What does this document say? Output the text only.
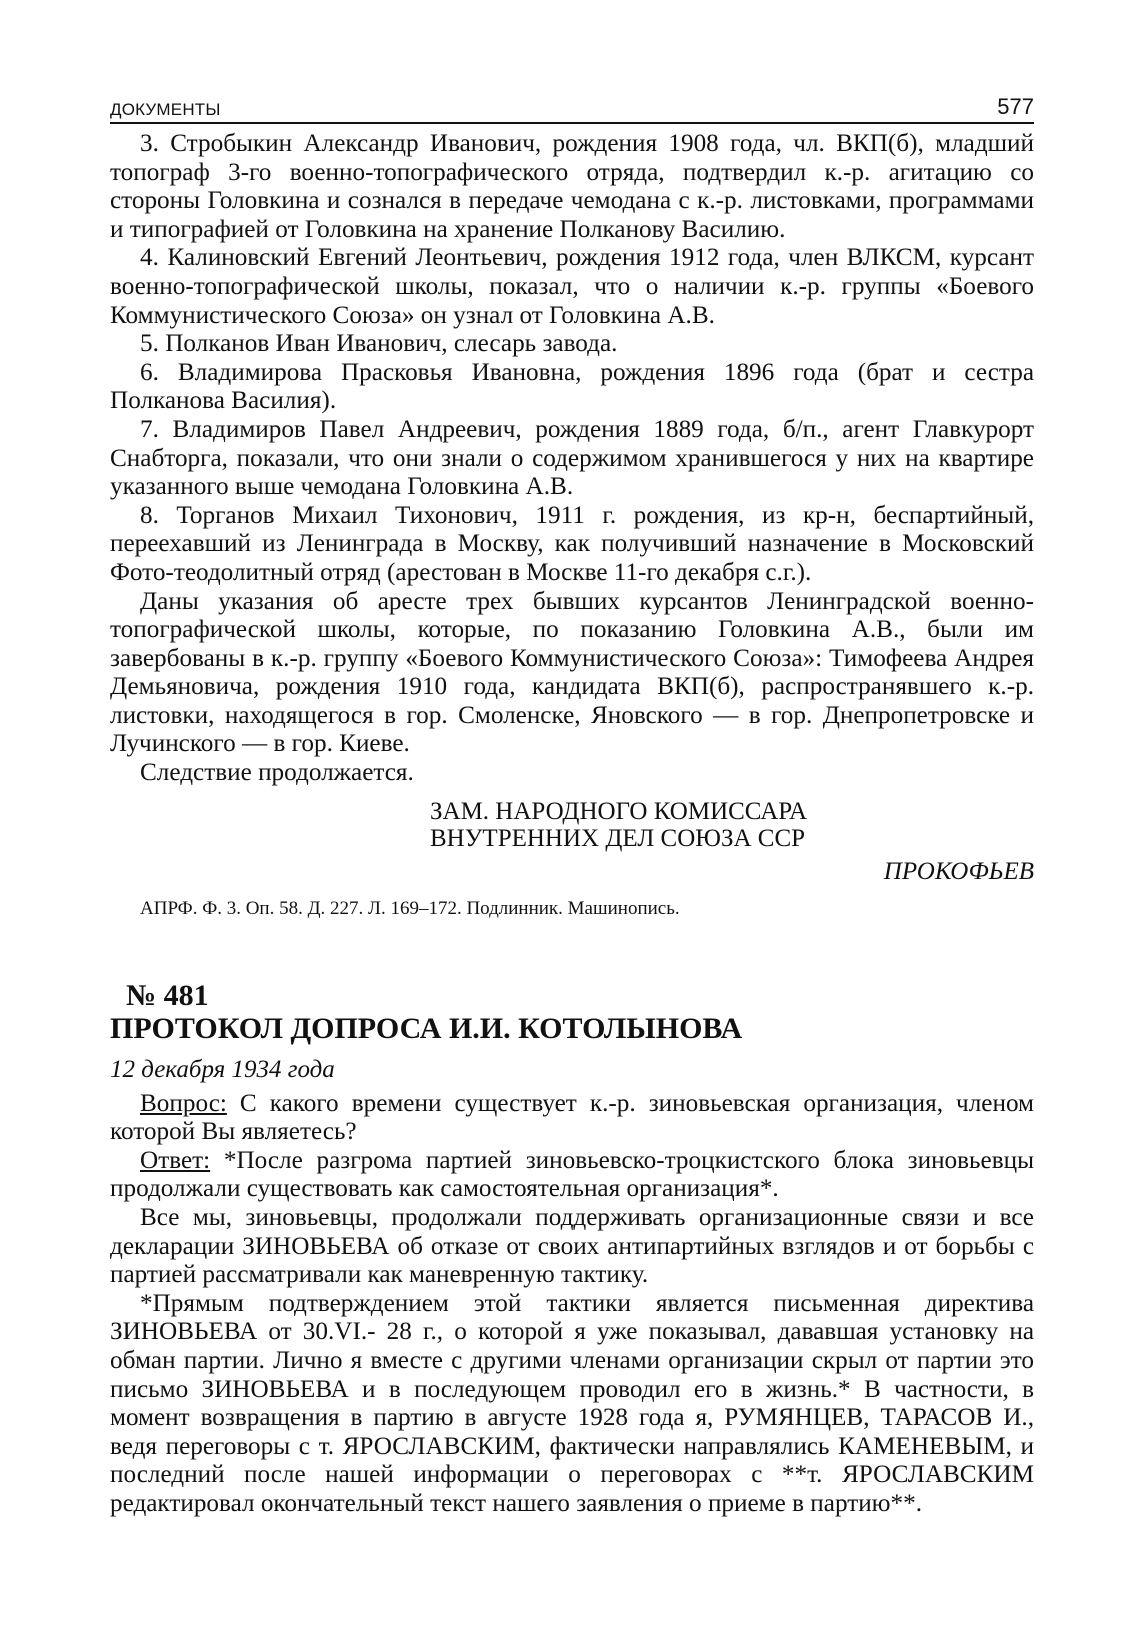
ДОКУМЕНТЫ	577

3. Стробыкин Александр Иванович, рождения 1908 года, чл. ВКП(б), младший топограф 3-го военно-топографического отряда, подтвердил к.-р. агитацию со стороны Головкина и сознался в передаче чемодана с к.-р. листовками, программами и типографией от Головкина на хранение Полканову Василию.

4. Калиновский Евгений Леонтьевич, рождения 1912 года, член ВЛКСМ, курсант военно-топографической школы, показал, что о наличии к.-р. группы «Боевого Коммунистического Союза» он узнал от Головкина А.В.

5. Полканов Иван Иванович, слесарь завода.

6. Владимирова Прасковья Ивановна, рождения 1896 года (брат и сестра Полканова Василия).

7. Владимиров Павел Андреевич, рождения 1889 года, б/п., агент Главкурорт Снабторга, показали, что они знали о содержимом хранившегося у них на квартире указанного выше чемодана Головкина А.В.

8. Торганов Михаил Тихонович, 1911 г. рождения, из кр-н, беспартийный, переехавший из Ленинграда в Москву, как получивший назначение в Московский Фото-теодолитный отряд (арестован в Москве 11-го декабря с.г.).

Даны указания об аресте трех бывших курсантов Ленинградской военно-топографической школы, которые, по показанию Головкина А.В., были им завербованы в к.-р. группу «Боевого Коммунистического Союза»: Тимофеева Андрея Демьяновича, рождения 1910 года, кандидата ВКП(б), распространявшего к.-р. листовки, находящегося в гор. Смоленске, Яновского — в гор. Днепропетровске и Лучинского — в гор. Киеве.

Следствие продолжается.

ЗАМ. НАРОДНОГО КОМИССАРА
ВНУТРЕННИХ ДЕЛ СОЮЗА ССР
ПРОКОФЬЕВ
АПРФ. Ф. 3. Оп. 58. Д. 227. Л. 169–172. Подлинник. Машинопись.
№ 481
ПРОТОКОЛ ДОПРОСА И.И. КОТОЛЫНОВА
12 декабря 1934 года

Вопрос: С какого времени существует к.-р. зиновьевская организация, членом которой Вы являетесь?

Ответ: *После разгрома партией зиновьевско-троцкистского блока зиновьевцы продолжали существовать как самостоятельная организация*.

Все мы, зиновьевцы, продолжали поддерживать организационные связи и все декларации ЗИНОВЬЕВА об отказе от своих антипартийных взглядов и от борьбы с партией рассматривали как маневренную тактику.

*Прямым подтверждением этой тактики является письменная директива ЗИНОВЬЕВА от 30.VI.- 28 г., о которой я уже показывал, дававшая установку на обман партии. Лично я вместе с другими членами организации скрыл от партии это письмо ЗИНОВЬЕВА и в последующем проводил его в жизнь.* В частности, в момент возвращения в партию в августе 1928 года я, РУМЯНЦЕВ, ТАРАСОВ И., ведя переговоры с т. ЯРОСЛАВСКИМ, фактически направлялись КАМЕНЕВЫМ, и последний после нашей информации о переговорах с **т. ЯРОСЛАВСКИМ редактировал окончательный текст нашего заявления о приеме в партию**.
